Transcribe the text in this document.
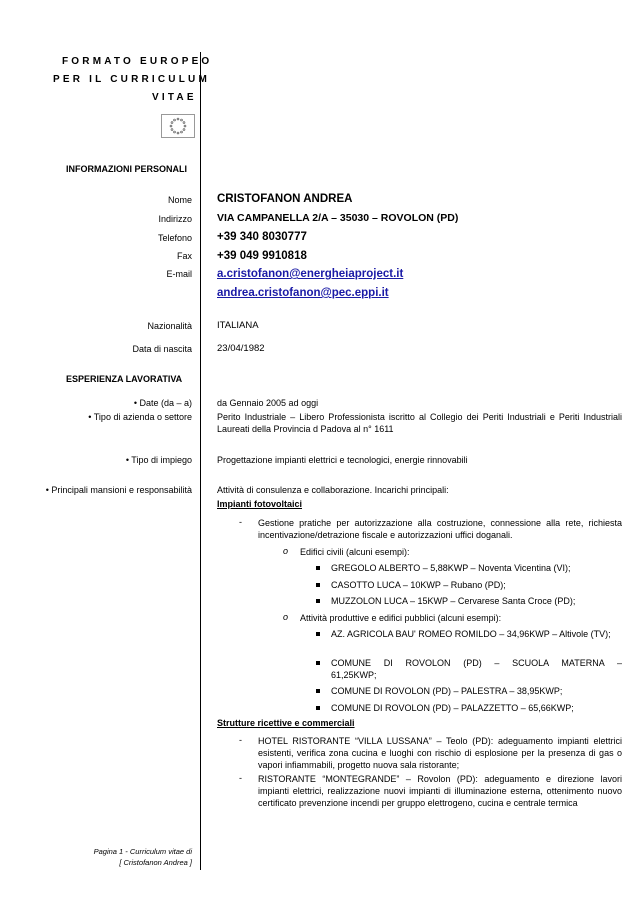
FORMATO EUROPEO
PER IL CURRICULUM
VITAE
INFORMAZIONI PERSONALI
Nome CRISTOFANON ANDREA
Indirizzo VIA CAMPANELLA 2/A – 35030 – ROVOLON (PD)
Telefono +39 340 8030777
Fax +39 049 9910818
E-mail a.cristofanon@energheiaproject.it
andrea.cristofanon@pec.eppi.it
Nazionalità	ITALIANA
Data di nascita	23/04/1982
ESPERIENZA LAVORATIVA
• Date (da – a)	da Gennaio 2005 ad oggi
• Tipo di azienda o settore	Perito Industriale – Libero Professionista iscritto al Collegio dei Periti Industriali e Periti Industriali Laureati della Provincia d Padova al n° 1611
• Tipo di impiego	Progettazione impianti elettrici e tecnologici, energie rinnovabili
• Principali mansioni e responsabilità	Attività di consulenza e collaborazione. Incarichi principali:
Impianti fotovoltaici
- Gestione pratiche per autorizzazione alla costruzione, connessione alla rete, richiesta incentivazione/detrazione fiscale e autorizzazioni uffici doganali.
o Edifici civili (alcuni esempi):
GREGOLO ALBERTO – 5,88KWP – Noventa Vicentina (VI);
CASOTTO LUCA – 10KWP – Rubano (PD);
MUZZOLON LUCA – 15KWP – Cervarese Santa Croce (PD);
o Attività produttive e edifici pubblici (alcuni esempi):
AZ. AGRICOLA BAU' ROMEO ROMILDO – 34,96KWP – Altivole (TV);
COMUNE DI ROVOLON (PD) – SCUOLA MATERNA – 61,25KWP;
COMUNE DI ROVOLON (PD) – PALESTRA – 38,95KWP;
COMUNE DI ROVOLON (PD) – PALAZZETTO – 65,66KWP;
Strutture ricettive e commerciali
- HOTEL RISTORANTE “VILLA LUSSANA” – Teolo (PD): adeguamento impianti elettrici esistenti, verifica zona cucina e luoghi con rischio di esplosione per la presenza di gas o vapori infiammabili, progetto nuova sala ristorante;
- RISTORANTE “MONTEGRANDE” – Rovolon (PD): adeguamento e direzione lavori impianti elettrici, realizzazione nuovi impianti di illuminazione esterna, ottenimento nuovo certificato prevenzione incendi per gruppo elettrogeno, cucina e centrale termica
Pagina 1 - Curriculum vitae di
[ Cristofanon Andrea ]
